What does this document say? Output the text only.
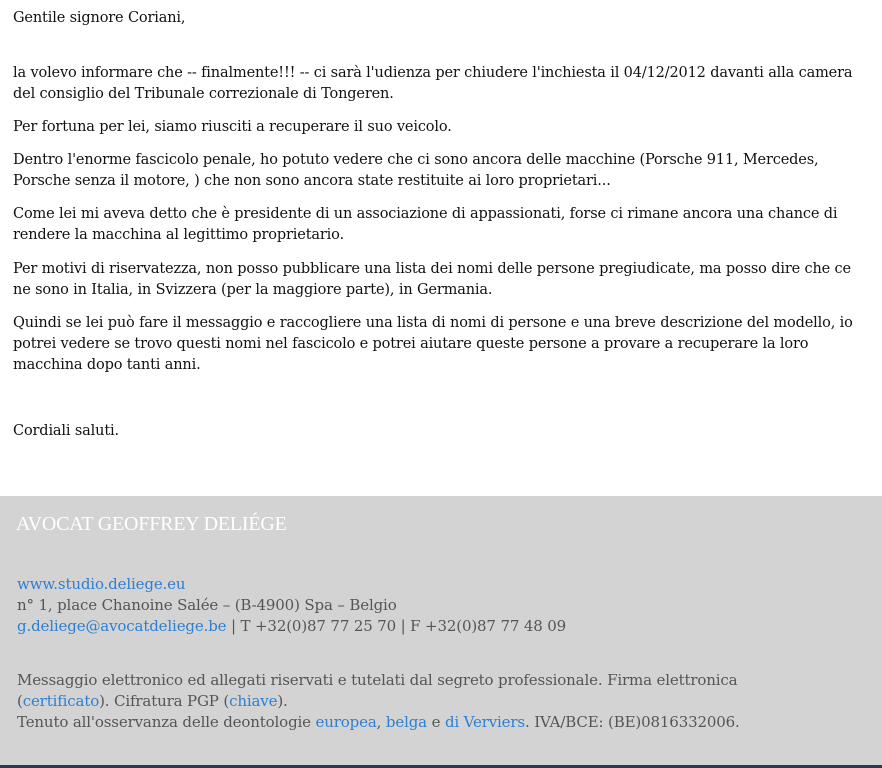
Gentile signore Coriani,

la volevo informare che -- finalmente!!! -- ci sarà l'udienza per chiudere l'inchiesta il 04/12/2012 davanti alla camera del consiglio del Tribunale correzionale di Tongeren.

Per fortuna per lei, siamo riusciti a recuperare il suo veicolo.

Dentro l'enorme fascicolo penale, ho potuto vedere che ci sono ancora delle macchine (Porsche 911, Mercedes, Porsche senza il motore, ) che non sono ancora state restituite ai loro proprietari...

Come lei mi aveva detto che è presidente di un associazione di appassionati, forse ci rimane ancora una chance di rendere la macchina al legittimo proprietario.

Per motivi di riservatezza, non posso pubblicare una lista dei nomi delle persone pregiudicate, ma posso dire che ce ne sono in Italia, in Svizzera (per la maggiore parte), in Germania.

Quindi se lei può fare il messaggio e raccogliere una lista di nomi di persone e una breve descrizione del modello, io potrei vedere se trovo questi nomi nel fascicolo e potrei aiutare queste persone a provare a recuperare la loro macchina dopo tanti anni.

Cordiali saluti.

AVOCAT GEOFFREY DELIÉGE
www.studio.deliege.eu
n° 1, place Chanoine Salée – (B-4900) Spa – Belgio
g.deliege@avocatdeliege.be | T +32(0)87 77 25 70 | F +32(0)87 77 48 09
Messaggio elettronico ed allegati riservati e tutelati dal segreto professionale. Firma elettronica
(certificato). Cifratura PGP (chiave).
Tenuto all'osservanza delle deontologie europea, belga e di Verviers. IVA/BCE: (BE)0816332006.
